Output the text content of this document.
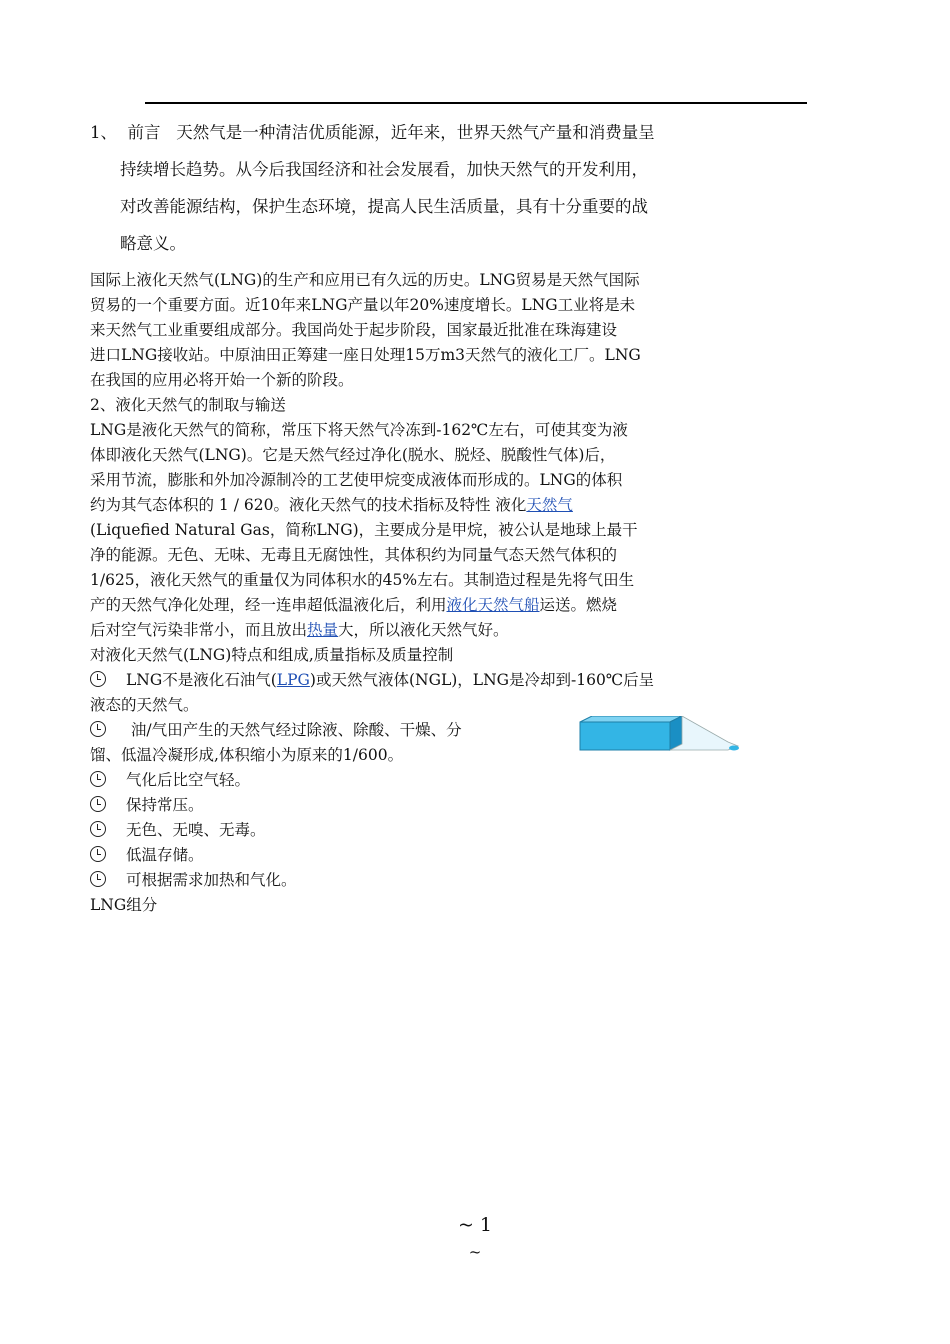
1、 前言 天然气是一种清洁优质能源，近年来，世界天然气产量和消费量呈
持续增长趋势。从今后我国经济和社会发展看，加快天然气的开发利用，
对改善能源结构，保护生态环境，提高人民生活质量，具有十分重要的战
略意义。
国际上液化天然气(LNG)的生产和应用已有久远的历史。LNG贸易是天然气国际
贸易的一个重要方面。近10年来LNG产量以年20%速度增长。LNG工业将是未
来天然气工业重要组成部分。我国尚处于起步阶段，国家最近批准在珠海建设
进口LNG接收站。中原油田正筹建一座日处理15万m3天然气的液化工厂。LNG
在我国的应用必将开始一个新的阶段。
2、液化天然气的制取与输送
LNG是液化天然气的简称，常压下将天然气冷冻到-162℃左右，可使其变为液
体即液化天然气(LNG)。它是天然气经过净化(脱水、脱烃、脱酸性气体)后，
采用节流，膨胀和外加冷源制冷的工艺使甲烷变成液体而形成的。LNG的体积
约为其气态体积的 1 / 620。液化天然气的技术指标及特性 液化天然气
(Liquefied Natural Gas，简称LNG)，主要成分是甲烷，被公认是地球上最干
净的能源。无色、无味、无毒且无腐蚀性，其体积约为同量气态天然气体积的
1/625，液化天然气的重量仅为同体积水的45%左右。其制造过程是先将气田生
产的天然气净化处理，经一连串超低温液化后，利用液化天然气船运送。燃烧
后对空气污染非常小，而且放出热量大，所以液化天然气好。
对液化天然气(LNG)特点和组成,质量指标及质量控制
LNG不是液化石油气(LPG)或天然气液体(NGL)，LNG是冷却到-160℃后呈
液态的天然气。
油/气田产生的天然气经过除液、除酸、干燥、分
馏、低温冷凝形成,体积缩小为原来的1/600。
气化后比空气轻。
保持常压。
无色、无嗅、无毒。
低温存储。
可根据需求加热和气化。
LNG组分
~ 1
~
